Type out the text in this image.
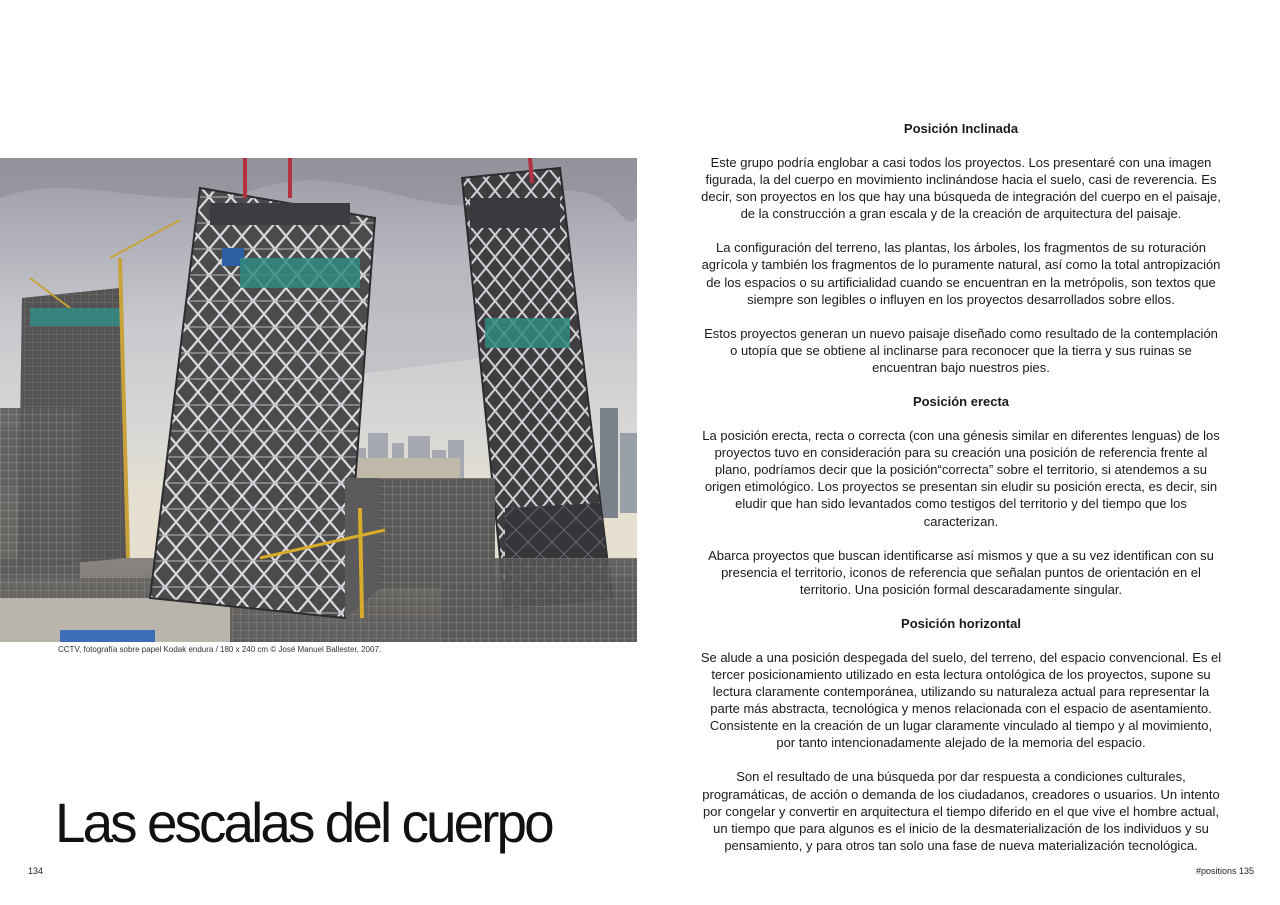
CCTV, fotografía sobre papel Kodak endura / 180 x 240 cm © José Manuel Ballester, 2007.
Las escalas del cuerpo
134
Posición Inclinada

Este grupo podría englobar a casi todos los proyectos. Los presentaré con una imagen figurada, la del cuerpo en movimiento inclinándose hacia el suelo, casi de reverencia. Es decir, son proyectos en los que hay una búsqueda de integración del cuerpo en el paisaje, de la construcción a gran escala y de la creación de arquitectura del paisaje.

La configuración del terreno, las plantas, los árboles, los fragmentos de su roturación agrícola y también los fragmentos de lo puramente natural, así como la total antropización de los espacios o su artificialidad cuando se encuentran en la metrópolis, son textos que siempre son legibles o influyen en los proyectos desarrollados sobre ellos.

Estos proyectos generan un nuevo paisaje diseñado como resultado de la contemplación o utopía que se obtiene al inclinarse para reconocer que la tierra y sus ruinas se encuentran bajo nuestros pies.

Posición erecta

La posición erecta, recta o correcta (con una génesis similar en diferentes lenguas) de los proyectos tuvo en consideración para su creación una posición de referencia frente al plano, podríamos decir que la posición“correcta” sobre el territorio, si atendemos a su origen etimológico. Los proyectos se presentan sin eludir su posición erecta, es decir, sin eludir que han sido levantados como testigos del territorio y del tiempo que los caracterizan.

Abarca proyectos que buscan identificarse así mismos y que a su vez identifican con su presencia el territorio, iconos de referencia que señalan puntos de orientación en el territorio. Una posición formal descaradamente singular.

Posición horizontal

Se alude a una posición despegada del suelo, del terreno, del espacio convencional. Es el tercer posicionamiento utilizado en esta lectura ontológica de los proyectos, supone su lectura claramente contemporánea, utilizando su naturaleza actual para representar la parte más abstracta, tecnológica y menos relacionada con el espacio de asentamiento. Consistente en la creación de un lugar claramente vinculado al tiempo y al movimiento, por tanto intencionadamente alejado de la memoria del espacio.

Son el resultado de una búsqueda por dar respuesta a condiciones culturales, programáticas, de acción o demanda de los ciudadanos, creadores o usuarios. Un intento por congelar y convertir en arquitectura el tiempo diferido en el que vive el hombre actual, un tiempo que para algunos es el inicio de la desmaterialización de los individuos y su pensamiento, y para otros tan solo una fase de nueva materialización tecnológica.

#positions 135
